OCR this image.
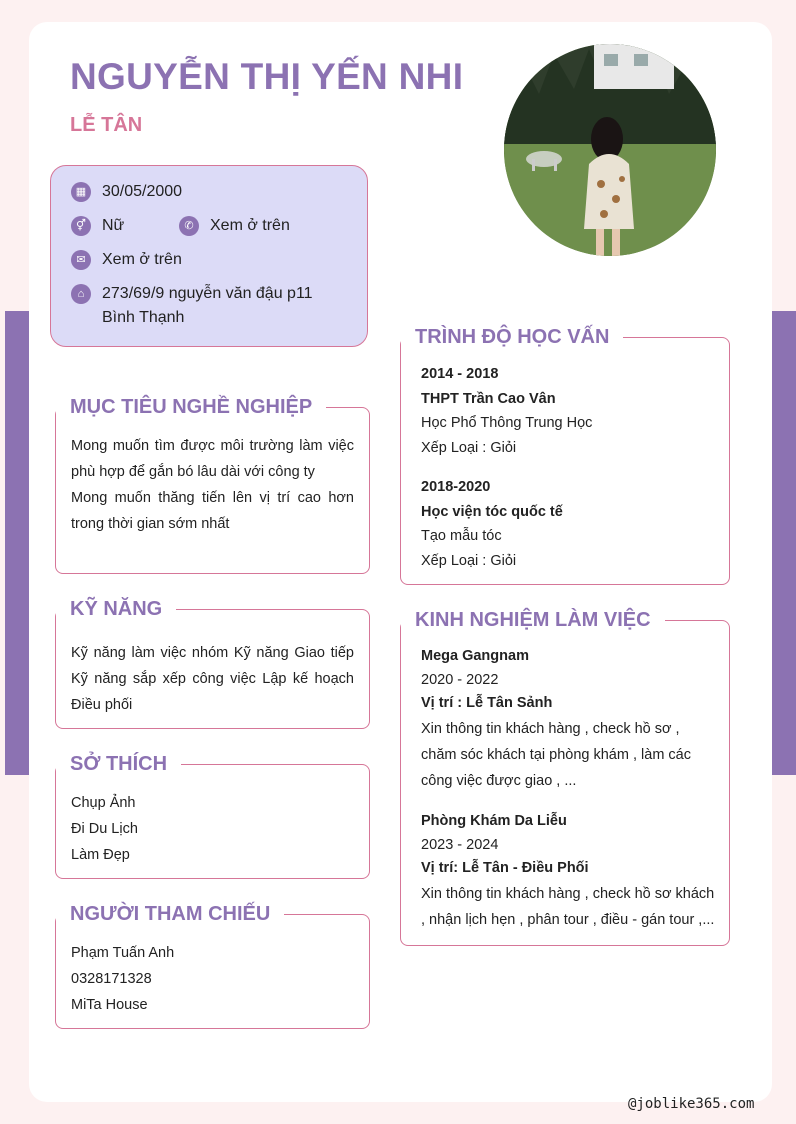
NGUYỄN THỊ YẾN NHI
LỄ TÂN
▦ 30/05/2000
⚥	Nữ	✆	Xem ở trên
✉	Xem ở trên
⌂	273/69/9 nguyễn văn đậu p11
Bình Thạnh
MỤC TIÊU NGHỀ NGHIỆP
Mong muốn tìm được môi trường làm việc phù hợp để gắn bó lâu dài với công ty
Mong muốn thăng tiến lên vị trí cao hơn trong thời gian sớm nhất
KỸ NĂNG
Kỹ năng làm việc nhóm Kỹ năng Giao tiếp Kỹ năng sắp xếp công việc Lập kế hoạch Điều phối
SỞ THÍCH
Chụp Ảnh
Đi Du Lịch
Làm Đẹp
NGƯỜI THAM CHIẾU
Phạm Tuấn Anh
0328171328
MiTa House
TRÌNH ĐỘ HỌC VẤN
2014 - 2018
THPT Trần Cao Vân
Học Phổ Thông Trung Học
Xếp Loại : Giỏi
2018-2020
Học viện tóc quốc tế
Tạo mẫu tóc
Xếp Loại : Giỏi
KINH NGHIỆM LÀM VIỆC
Mega Gangnam
2020 - 2022
Vị trí : Lễ Tân Sảnh
Xin thông tin khách hàng , check hồ sơ , chăm sóc khách tại phòng khám , làm các công việc được giao , ...
Phòng Khám Da Liễu
2023 - 2024
Vị trí: Lễ Tân - Điều Phối
Xin thông tin khách hàng , check hồ sơ khách , nhận lịch hẹn , phân tour , điều - gán tour ,...
@joblike365.com
